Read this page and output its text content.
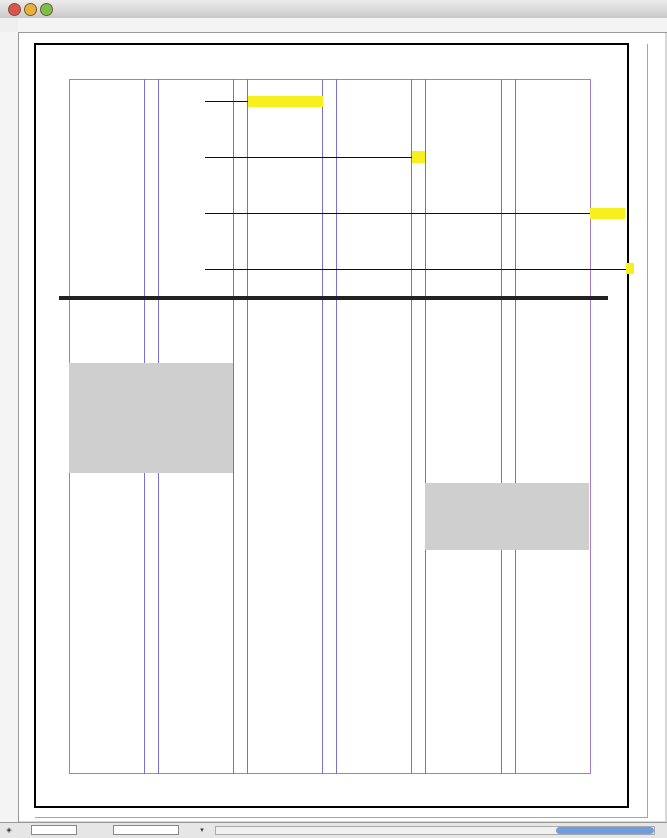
◈	▾
